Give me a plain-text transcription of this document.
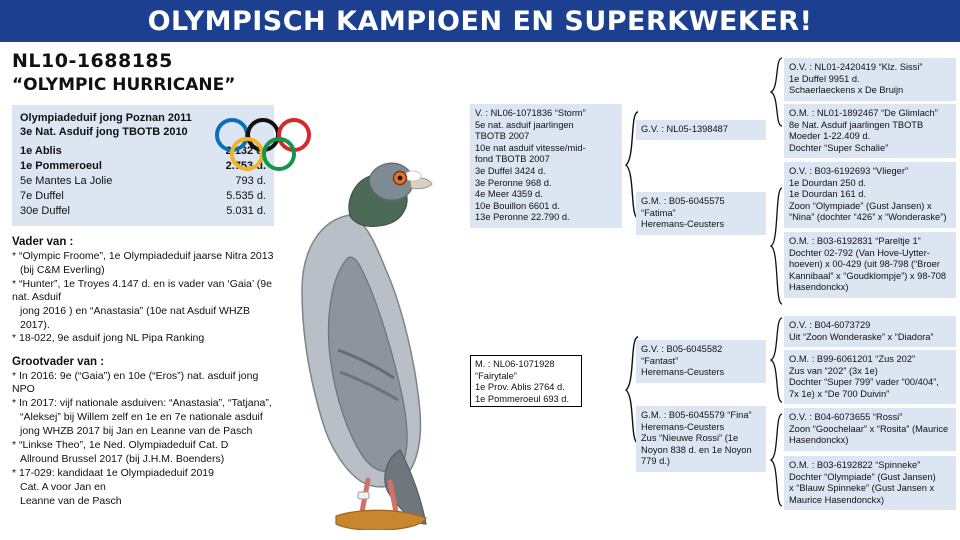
OLYMPISCH KAMPIOEN EN SUPERKWEKER!
NL10-1688185
“OLYMPIC HURRICANE”
Olympiadeduif jong Poznan 2011
3e Nat. Asduif jong TBOTB 2010
1e Ablis	2.132 d.
1e Pommeroeul	2.753 d.
5e Mantes La Jolie	793 d.
7e Duffel	5.535 d.
30e Duffel	5.031 d.
Vader van :
* “Olympic Froome”, 1e Olympiadeduif jaarse Nitra 2013
(bij C&M Everling)
* “Hunter”, 1e Troyes 4.147 d. en is vader van ‘Gaia’ (9e nat. Asduif
jong 2016 ) en “Anastasia” (10e nat Asduif WHZB 2017).
* 18-022, 9e asduif jong NL Pipa Ranking
Grootvader van :
* In 2016: 9e (“Gaia”) en 10e (“Eros”) nat. asduif jong NPO
* In 2017: vijf nationale asduiven: “Anastasia”, “Tatjana”,
“Aleksej” bij Willem zelf en 1e en 7e nationale asduif
jong WHZB 2017 bij Jan en Leanne van de Pasch
* “Linkse Theo”, 1e Ned. Olympiadeduif Cat. D
Allround Brussel 2017 (bij J.H.M. Boenders)
* 17-029: kandidaat 1e Olympiadeduif 2019
Cat. A voor Jan en
Leanne van de Pasch
V. : NL06-1071836 “Storm”
5e nat. asduif jaarlingen
TBOTB 2007
10e nat asduif vitesse/mid-
fond TBOTB 2007
3e Duffel 3424 d.
3e Peronne 968 d.
4e Meer 4359 d.
10e Bouillon 6601 d.
13e Peronne 22.790 d.
M. : NL06-1071928
“Fairytale”
1e Prov. Ablis 2764 d.
1e Pommeroeul 693 d.
G.V. : NL05-1398487
G.M. : B05-6045575 “Fatima”
Heremans-Ceusters
G.V. : B05-6045582 “Fantast”
Heremans-Ceusters
G.M. : B05-6045579 “Fina”
Heremans-Ceusters
Zus “Nieuwe Rossi” (1e
Noyon 838 d. en 1e Noyon
779 d.)
O.V. : NL01-2420419 “Klz. Sissi”
1e Duffel 9951 d.
Schaerlaeckens x De Bruijn
O.M. : NL01-1892467 “De Glimlach”
8e Nat. Asduif jaarlingen TBOTB
Moeder 1-22.409 d.
Dochter “Super Schalie”
O.V. : B03-6192693 “Vlieger”
1e Dourdan 250 d.
1e Dourdan 161 d.
Zoon “Olympiade” (Gust Jansen) x
“Nina” (dochter “426” x “Wonderaske”)
O.M. : B03-6192831 “Pareltje 1”
Dochter 02-792 (Van Hove-Uytter-
hoeven) x 00-429 (uit 98-798 (“Broer
Kannibaal” x “Goudklompje”) x 98-708
Hasendonckx)
O.V. : B04-6073729
Uit “Zoon Wonderaske” x “Diadora”
O.M. : B99-6061201 “Zus 202”
Zus van “202” (3x 1e)
Dochter “Super 799” vader “00/404”,
7x 1e) x “De 700 Duivin”
O.V. : B04-6073655 “Rossi”
Zoon “Goochelaar” x “Rosita” (Maurice
Hasendonckx)
O.M. : B03-6192822 “Spinneke”
Dochter “Olympiade” (Gust Jansen)
x “Blauw Spinneke” (Gust Jansen x
Maurice Hasendonckx)
